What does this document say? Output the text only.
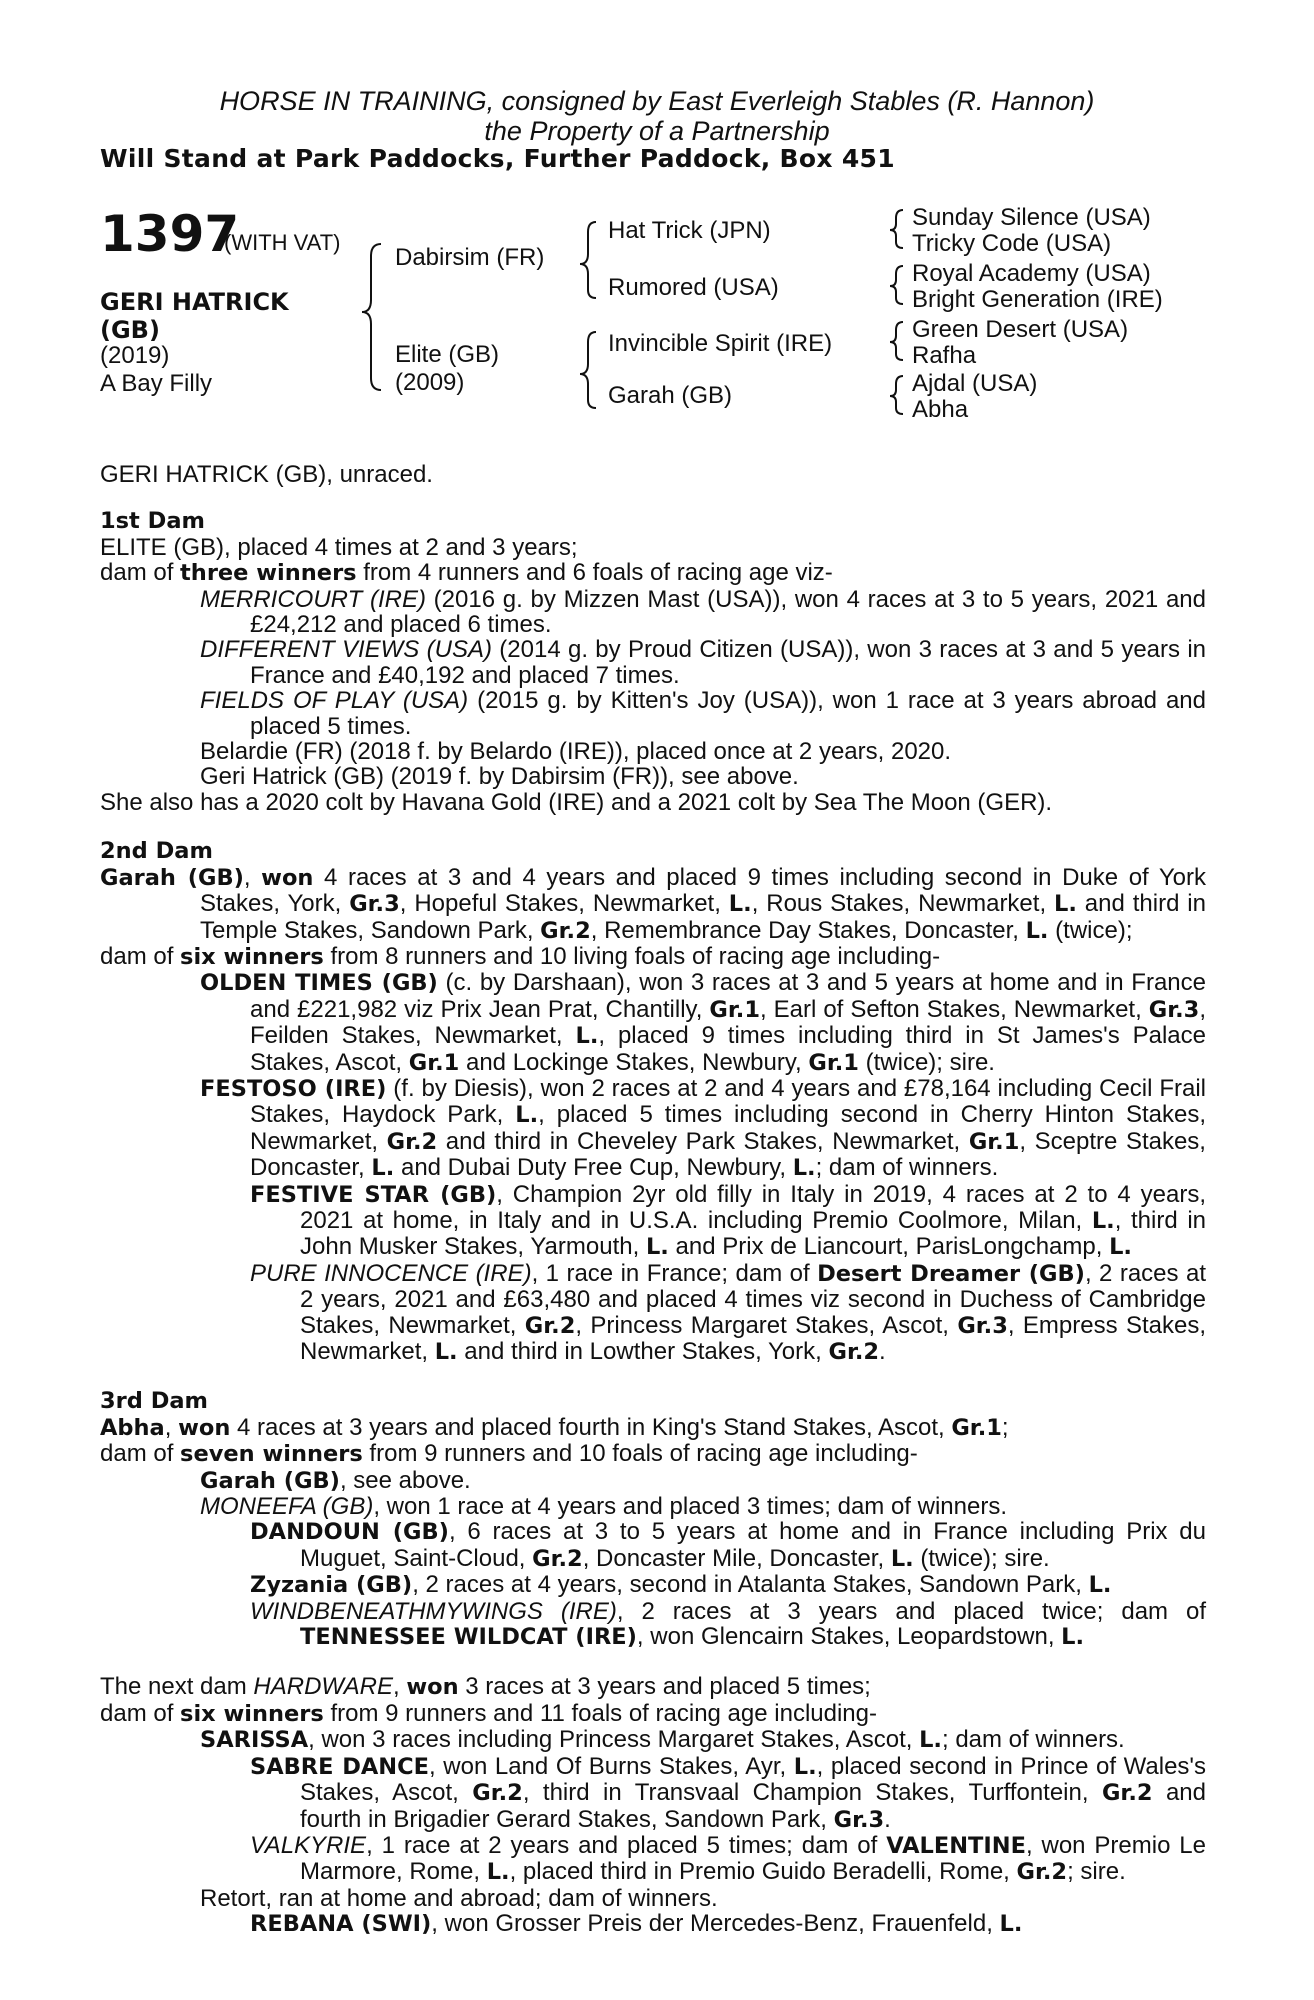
HORSE IN TRAINING, consigned by East Everleigh Stables (R. Hannon)
the Property of a Partnership
Will Stand at Park Paddocks, Further Paddock, Box 451
1397
(WITH VAT)
GERI HATRICK
(GB)
(2019)
A Bay Filly
Dabirsim (FR)
Elite (GB)
(2009)
Hat Trick (JPN)
Rumored (USA)
Invincible Spirit (IRE)
Garah (GB)
Sunday Silence (USA)
Tricky Code (USA)
Royal Academy (USA)
Bright Generation (IRE)
Green Desert (USA)
Rafha
Ajdal (USA)
Abha

GERI HATRICK (GB), unraced.

1st Dam

ELITE (GB), placed 4 times at 2 and 3 years;

dam of three winners from 4 runners and 6 foals of racing age viz-

MERRICOURT (IRE) (2016 g. by Mizzen Mast (USA)), won 4 races at 3 to 5 years, 2021 and £24,212 and placed 6 times.

DIFFERENT VIEWS (USA) (2014 g. by Proud Citizen (USA)), won 3 races at 3 and 5 years in France and £40,192 and placed 7 times.

FIELDS OF PLAY (USA) (2015 g. by Kitten's Joy (USA)), won 1 race at 3 years abroad and placed 5 times.

Belardie (FR) (2018 f. by Belardo (IRE)), placed once at 2 years, 2020.

Geri Hatrick (GB) (2019 f. by Dabirsim (FR)), see above.

She also has a 2020 colt by Havana Gold (IRE) and a 2021 colt by Sea The Moon (GER).

2nd Dam

Garah (GB), won 4 races at 3 and 4 years and placed 9 times including second in Duke of York Stakes, York, Gr.3, Hopeful Stakes, Newmarket, L., Rous Stakes, Newmarket, L. and third in Temple Stakes, Sandown Park, Gr.2, Remembrance Day Stakes, Doncaster, L. (twice);

dam of six winners from 8 runners and 10 living foals of racing age including-

OLDEN TIMES (GB) (c. by Darshaan), won 3 races at 3 and 5 years at home and in France and £221,982 viz Prix Jean Prat, Chantilly, Gr.1, Earl of Sefton Stakes, Newmarket, Gr.3, Feilden Stakes, Newmarket, L., placed 9 times including third in St James's Palace Stakes, Ascot, Gr.1 and Lockinge Stakes, Newbury, Gr.1 (twice); sire.

FESTOSO (IRE) (f. by Diesis), won 2 races at 2 and 4 years and £78,164 including Cecil Frail Stakes, Haydock Park, L., placed 5 times including second in Cherry Hinton Stakes, Newmarket, Gr.2 and third in Cheveley Park Stakes, Newmarket, Gr.1, Sceptre Stakes, Doncaster, L. and Dubai Duty Free Cup, Newbury, L.; dam of winners.

FESTIVE STAR (GB), Champion 2yr old filly in Italy in 2019, 4 races at 2 to 4 years, 2021 at home, in Italy and in U.S.A. including Premio Coolmore, Milan, L., third in John Musker Stakes, Yarmouth, L. and Prix de Liancourt, ParisLongchamp, L.

PURE INNOCENCE (IRE), 1 race in France; dam of Desert Dreamer (GB), 2 races at 2 years, 2021 and £63,480 and placed 4 times viz second in Duchess of Cambridge Stakes, Newmarket, Gr.2, Princess Margaret Stakes, Ascot, Gr.3, Empress Stakes, Newmarket, L. and third in Lowther Stakes, York, Gr.2.

3rd Dam

Abha, won 4 races at 3 years and placed fourth in King's Stand Stakes, Ascot, Gr.1;

dam of seven winners from 9 runners and 10 foals of racing age including-

Garah (GB), see above.

MONEEFA (GB), won 1 race at 4 years and placed 3 times; dam of winners.

DANDOUN (GB), 6 races at 3 to 5 years at home and in France including Prix du Muguet, Saint-Cloud, Gr.2, Doncaster Mile, Doncaster, L. (twice); sire.

Zyzania (GB), 2 races at 4 years, second in Atalanta Stakes, Sandown Park, L.

WINDBENEATHMYWINGS (IRE), 2 races at 3 years and placed twice; dam of TENNESSEE WILDCAT (IRE), won Glencairn Stakes, Leopardstown, L.

The next dam HARDWARE, won 3 races at 3 years and placed 5 times;

dam of six winners from 9 runners and 11 foals of racing age including-

SARISSA, won 3 races including Princess Margaret Stakes, Ascot, L.; dam of winners.

SABRE DANCE, won Land Of Burns Stakes, Ayr, L., placed second in Prince of Wales's Stakes, Ascot, Gr.2, third in Transvaal Champion Stakes, Turffontein, Gr.2 and fourth in Brigadier Gerard Stakes, Sandown Park, Gr.3.

VALKYRIE, 1 race at 2 years and placed 5 times; dam of VALENTINE, won Premio Le Marmore, Rome, L., placed third in Premio Guido Beradelli, Rome, Gr.2; sire.

Retort, ran at home and abroad; dam of winners.

REBANA (SWI), won Grosser Preis der Mercedes-Benz, Frauenfeld, L.
